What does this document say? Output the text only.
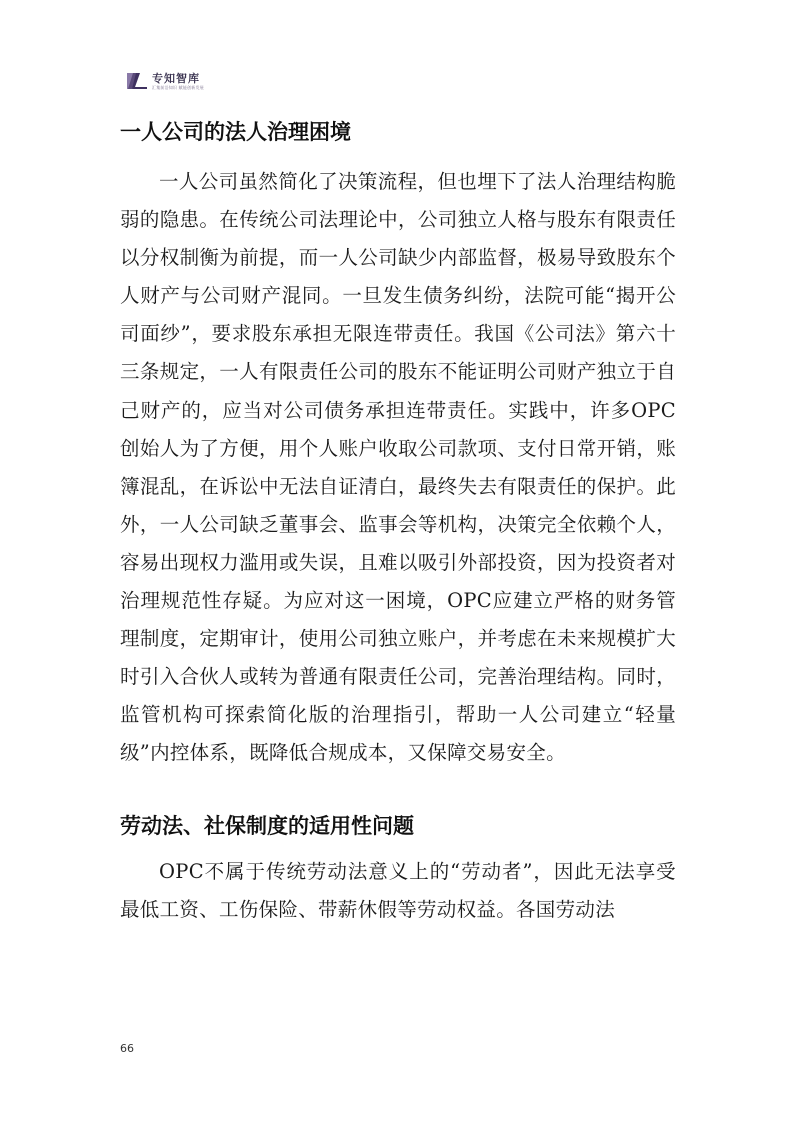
专知智库
汇集前沿知识 赋能创新发展
一人公司的法人治理困境

一人公司虽然简化了决策流程，但也埋下了法人治理结构脆弱的隐患。在传统公司法理论中，公司独立人格与股东有限责任以分权制衡为前提，而一人公司缺少内部监督，极易导致股东个人财产与公司财产混同。一旦发生债务纠纷，法院可能“揭开公司面纱”，要求股东承担无限连带责任。我国《公司法》第六十三条规定，一人有限责任公司的股东不能证明公司财产独立于自己财产的，应当对公司债务承担连带责任。实践中，许多OPC创始人为了方便，用个人账户收取公司款项、支付日常开销，账簿混乱，在诉讼中无法自证清白，最终失去有限责任的保护。此外，一人公司缺乏董事会、监事会等机构，决策完全依赖个人，容易出现权力滥用或失误，且难以吸引外部投资，因为投资者对治理规范性存疑。为应对这一困境，OPC应建立严格的财务管理制度，定期审计，使用公司独立账户，并考虑在未来规模扩大时引入合伙人或转为普通有限责任公司，完善治理结构。同时，监管机构可探索简化版的治理指引，帮助一人公司建立“轻量级”内控体系，既降低合规成本，又保障交易安全。

劳动法、社保制度的适用性问题

OPC不属于传统劳动法意义上的“劳动者”，因此无法享受最低工资、工伤保险、带薪休假等劳动权益。各国劳动法

66
